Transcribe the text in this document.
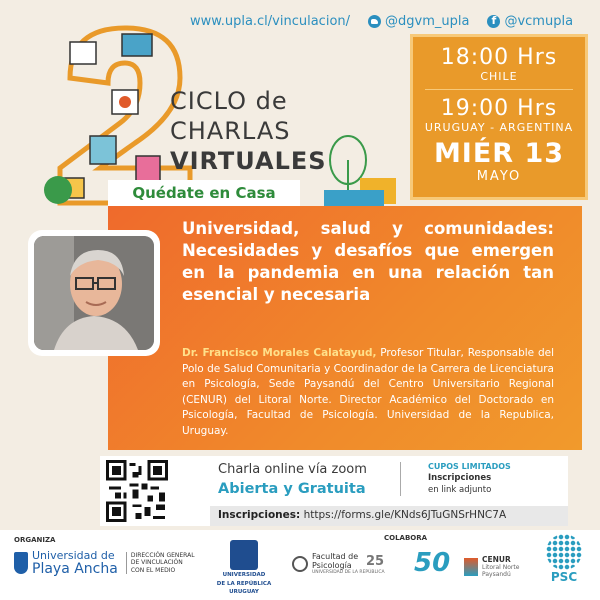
www.upla.cl/vinculacion/	@dgvm_upla
f	@vcmupla
CICLO de
CHARLAS
VIRTUALES
Quédate en Casa
18:00 Hrs
CHILE
19:00 Hrs
URUGUAY - ARGENTINA
MIÉR 13
MAYO
Universidad, salud y comunidades: Necesidades y desafíos que emergen en la pandemia en una relación tan esencial y necesaria
Dr. Francisco Morales Calatayud, Profesor Titular, Responsable del Polo de Salud Comunitaria y Coordinador de la Carrera de Licenciatura en Psicología, Sede Paysandú del Centro Universitario Regional (CENUR) del Litoral Norte. Director Académico del Doctorado en Psicología, Facultad de Psicología. Universidad de la Republica, Uruguay.
Charla online vía zoom
Abierta y Gratuita
CUPOS LIMITADOS
Inscripciones
en link adjunto
Inscripciones: https://forms.gle/KNds6JTuGNSrHNC7A
ORGANIZA	COLABORA
Universidad de
Playa Ancha
DIRECCIÓN GENERAL
DE VINCULACIÓN
CON EL MEDIO
UNIVERSIDAD
DE LA REPÚBLICA
URUGUAY
Facultad de
Psicología
UNIVERSIDAD DE LA REPÚBLICA
25 50	CENUR
Litoral Norte
Paysandú	PSC
